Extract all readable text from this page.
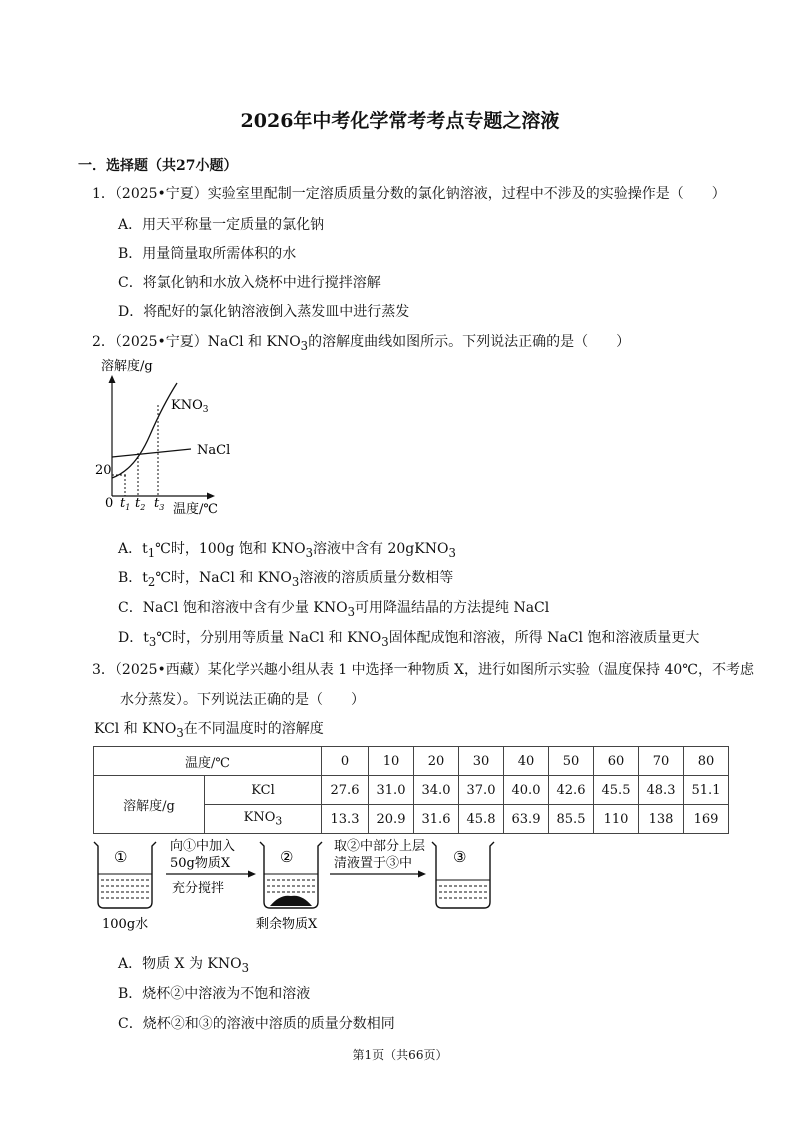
2026年中考化学常考考点专题之溶液
一．选择题（共27小题）
1．（2025•宁夏）实验室里配制一定溶质质量分数的氯化钠溶液，过程中不涉及的实验操作是（　　）
A．用天平称量一定质量的氯化钠
B．用量筒量取所需体积的水
C．将氯化钠和水放入烧杯中进行搅拌溶解
D．将配好的氯化钠溶液倒入蒸发皿中进行蒸发
2．（2025•宁夏）NaCl 和 $KNO_3$的溶解度曲线如图所示。下列说法正确的是（　　）
溶解度/g
$KNO_3$
NaCl
20
0 $t_1$ $t_2$ $t_3$ 温度/℃
A．$t_1℃$时，100g 饱和 $KNO_3$溶液中含有 20gKNO$_3$
B．$t_2℃$时，NaCl 和 $KNO_3$溶液的溶质质量分数相等
C．NaCl 饱和溶液中含有少量 $KNO_3$可用降温结晶的方法提纯 NaCl
D．$t_3℃$时，分别用等质量 NaCl 和 $KNO_3$固体配成饱和溶液，所得 NaCl 饱和溶液质量更大
3．（2025•西藏）某化学兴趣小组从表 1 中选择一种物质 X，进行如图所示实验（温度保持 40℃，不考虑
水分蒸发）。下列说法正确的是（　　）
KCl 和 $KNO_3$在不同温度时的溶解度
温度/℃		0	10	20	30	40	50	60	70	80
溶解度/g	KCl	27.6	31.0	34.0	37.0	40.0	42.6	45.5	48.3	51.1
	$KNO_3$	13.3	20.9	31.6	45.8	63.9	85.5	110	138	169
①
100g水
向①中加入
50g物质X
充分搅拌
②
剩余物质X
取②中部分上层
清液置于③中	③
A．物质 X 为 $KNO_3$
B．烧杯②中溶液为不饱和溶液
C．烧杯②和③的溶液中溶质的质量分数相同
第1页（共66页）
